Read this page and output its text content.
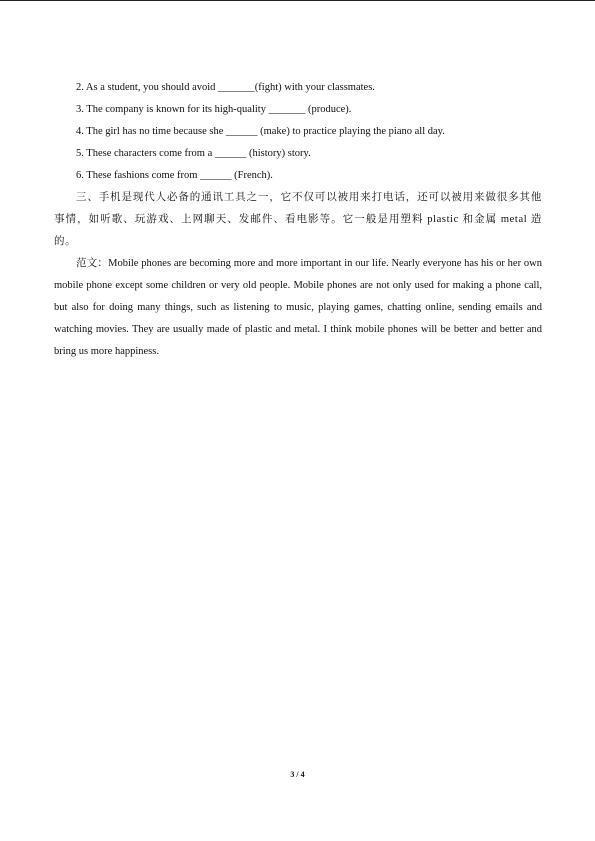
2. As a student, you should avoid _______(fight) with your classmates.

3. The company is known for its high-quality _______ (produce).

4. The girl has no time because she ______ (make) to practice playing the piano all day.

5. These characters come from a ______ (history) story.

6. These fashions come from ______ (French).

三、手机是现代人必备的通讯工具之一，它不仅可以被用来打电话，还可以被用来做很多其他事情，如听歌、玩游戏、上网聊天、发邮件、看电影等。它一般是用塑料 plastic 和金属 metal 造的。

范文：Mobile phones are becoming more and more important in our life. Nearly everyone has his or her own mobile phone except some children or very old people. Mobile phones are not only used for making a phone call, but also for doing many things, such as listening to music, playing games, chatting online, sending emails and watching movies. They are usually made of plastic and metal. I think mobile phones will be better and better and bring us more happiness.

3 / 4
